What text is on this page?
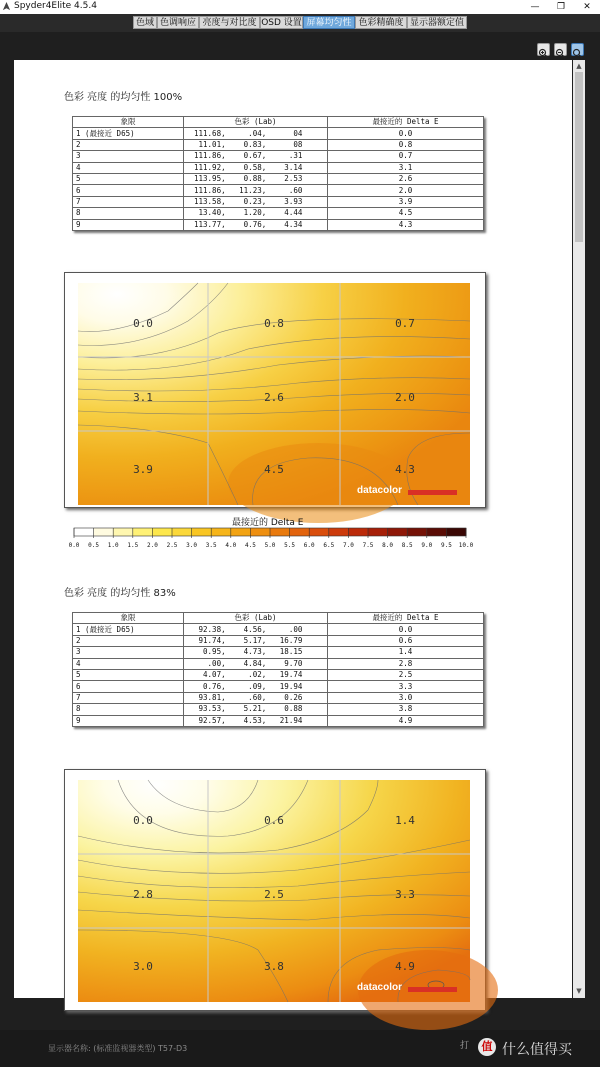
Spyder4Elite 4.5.4	—	❐	✕
色域 色调响应 亮度与对比度 OSD 设置 屏幕均匀性 色彩精确度 显示器额定值
色彩 亮度 的均匀性 100%
象限	色彩 (Lab)	最接近的 Delta E
1 (最接近 D65)	111.68,     .04,      04	0.0
2	11.01,    0.83,      08	0.8
3	111.86,    0.67,     .31	0.7
4	111.92,    0.58,    3.14	3.1
5	113.95,    0.88,    2.53	2.6
6	111.86,   11.23,     .60	2.0
7	113.58,    0.23,    3.93	3.9
8	13.40,    1.20,    4.44	4.5
9	113.77,    0.76,    4.34	4.3
0.0	0.8	0.7
3.1	2.6	2.0
3.9	4.5	4.3
datacolor
最接近的 Delta E
0.0 0.5 1.0 1.5 2.0 2.5 3.0 3.5 4.0 4.5 5.0 5.5 6.0 6.5 7.0 7.5 8.0 8.5 9.0 9.5 10.0
色彩 亮度 的均匀性 83%
象限	色彩 (Lab)	最接近的 Delta E
1 (最接近 D65)	92.38,    4.56,     .00	0.0
2	91.74,    5.17,   16.79	0.6
3	0.95,    4.73,   18.15	1.4
4	.00,    4.84,    9.70	2.8
5	4.07,     .02,   19.74	2.5
6	0.76,     .09,   19.94	3.3
7	93.81,     .60,    0.26	3.0
8	93.53,    5.21,    0.88	3.8
9	92.57,    4.53,   21.94	4.9
0.0	0.6	1.4
2.8	2.5	3.3
3.0	3.8	4.9
datacolor
▲
▼
显示器名称: (标准监视器类型) T57-D3	打	值 什么值得买
